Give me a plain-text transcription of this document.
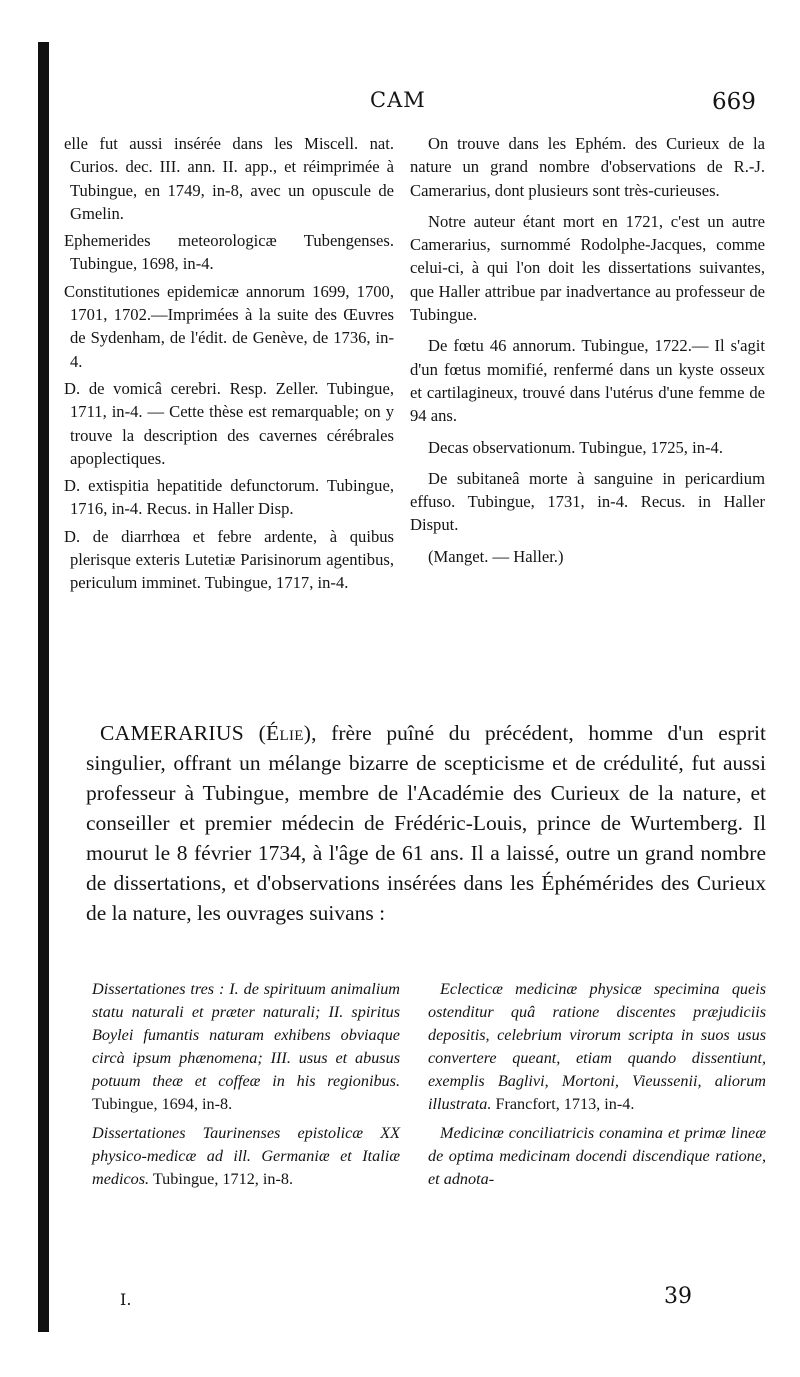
CAM	669

elle fut aussi insérée dans les Miscell. nat. Curios. dec. III. ann. II. app., et réimprimée à Tubingue, en 1749, in-8, avec un opuscule de Gmelin.

Ephemerides meteorologicæ Tubengenses. Tubingue, 1698, in-4.

Constitutiones epidemicæ annorum 1699, 1700, 1701, 1702.—Imprimées à la suite des Œuvres de Sydenham, de l'édit. de Genève, de 1736, in-4.

D. de vomicâ cerebri. Resp. Zeller. Tubingue, 1711, in-4. — Cette thèse est remarquable; on y trouve la description des cavernes cérébrales apoplectiques.

D. extispitia hepatitide defunctorum. Tubingue, 1716, in-4. Recus. in Haller Disp.

D. de diarrhœa et febre ardente, à quibus plerisque exteris Lutetiæ Parisinorum agentibus, periculum imminet. Tubingue, 1717, in-4.

On trouve dans les Ephém. des Curieux de la nature un grand nombre d'observations de R.-J. Camerarius, dont plusieurs sont très-curieuses.

Notre auteur étant mort en 1721, c'est un autre Camerarius, surnommé Rodolphe-Jacques, comme celui-ci, à qui l'on doit les dissertations suivantes, que Haller attribue par inadvertance au professeur de Tubingue.

De fœtu 46 annorum. Tubingue, 1722.— Il s'agit d'un fœtus momifié, renfermé dans un kyste osseux et cartilagineux, trouvé dans l'utérus d'une femme de 94 ans.

Decas observationum. Tubingue, 1725, in-4.

De subitaneâ morte à sanguine in pericardium effuso. Tubingue, 1731, in-4. Recus. in Haller Disput.

(Manget. — Haller.)

CAMERARIUS (Élie), frère puîné du précédent, homme d'un esprit singulier, offrant un mélange bizarre de scepticisme et de crédulité, fut aussi professeur à Tubingue, membre de l'Académie des Curieux de la nature, et conseiller et premier médecin de Frédéric-Louis, prince de Wurtemberg. Il mourut le 8 février 1734, à l'âge de 61 ans. Il a laissé, outre un grand nombre de dissertations, et d'observations insérées dans les Éphémérides des Curieux de la nature, les ouvrages suivans :

Dissertationes tres : I. de spirituum animalium statu naturali et præter naturali; II. spiritus Boylei fumantis naturam exhibens obviaque circà ipsum phænomena; III. usus et abusus potuum theæ et coffeæ in his regionibus. Tubingue, 1694, in-8.

Dissertationes Taurinenses epistolicæ XX physico-medicæ ad ill. Germaniæ et Italiæ medicos. Tubingue, 1712, in-8.

Eclecticæ medicinæ physicæ specimina queis ostenditur quâ ratione discentes præjudiciis depositis, celebrium virorum scripta in suos usus convertere queant, etiam quando dissentiunt, exemplis Baglivi, Mortoni, Vieussenii, aliorum illustrata. Francfort, 1713, in-4.

Medicinæ conciliatricis conamina et primæ lineæ de optima medicinam docendi discendique ratione, et adnota-

I.	39
